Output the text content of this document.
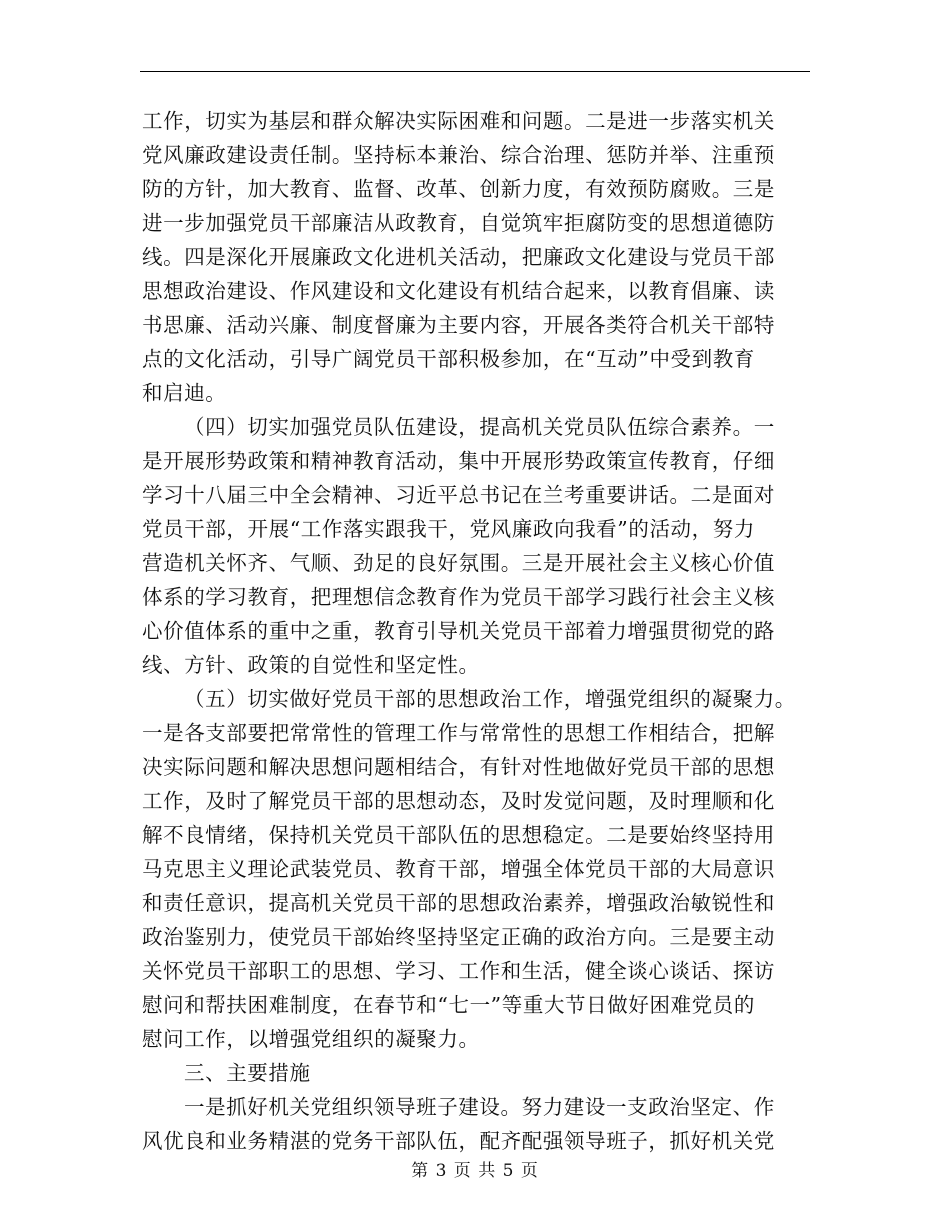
工作，切实为基层和群众解决实际困难和问题。二是进一步落实机关
党风廉政建设责任制。坚持标本兼治、综合治理、惩防并举、注重预
防的方针，加大教育、监督、改革、创新力度，有效预防腐败。三是
进一步加强党员干部廉洁从政教育，自觉筑牢拒腐防变的思想道德防
线。四是深化开展廉政文化进机关活动，把廉政文化建设与党员干部
思想政治建设、作风建设和文化建设有机结合起来，以教育倡廉、读
书思廉、活动兴廉、制度督廉为主要内容，开展各类符合机关干部特
点的文化活动，引导广阔党员干部积极参加，在“互动”中受到教育
和启迪。
（四）切实加强党员队伍建设，提高机关党员队伍综合素养。一
是开展形势政策和精神教育活动，集中开展形势政策宣传教育，仔细
学习十八届三中全会精神、习近平总书记在兰考重要讲话。二是面对
党员干部，开展“工作落实跟我干，党风廉政向我看”的活动，努力
营造机关怀齐、气顺、劲足的良好氛围。三是开展社会主义核心价值
体系的学习教育，把理想信念教育作为党员干部学习践行社会主义核
心价值体系的重中之重，教育引导机关党员干部着力增强贯彻党的路
线、方针、政策的自觉性和坚定性。
（五）切实做好党员干部的思想政治工作，增强党组织的凝聚力。
一是各支部要把常常性的管理工作与常常性的思想工作相结合，把解
决实际问题和解决思想问题相结合，有针对性地做好党员干部的思想
工作，及时了解党员干部的思想动态，及时发觉问题，及时理顺和化
解不良情绪，保持机关党员干部队伍的思想稳定。二是要始终坚持用
马克思主义理论武装党员、教育干部，增强全体党员干部的大局意识
和责任意识，提高机关党员干部的思想政治素养，增强政治敏锐性和
政治鉴别力，使党员干部始终坚持坚定正确的政治方向。三是要主动
关怀党员干部职工的思想、学习、工作和生活，健全谈心谈话、探访
慰问和帮扶困难制度，在春节和“七一”等重大节日做好困难党员的
慰问工作，以增强党组织的凝聚力。
三、主要措施
一是抓好机关党组织领导班子建设。努力建设一支政治坚定、作
风优良和业务精湛的党务干部队伍，配齐配强领导班子，抓好机关党
第 3 页 共 5 页
